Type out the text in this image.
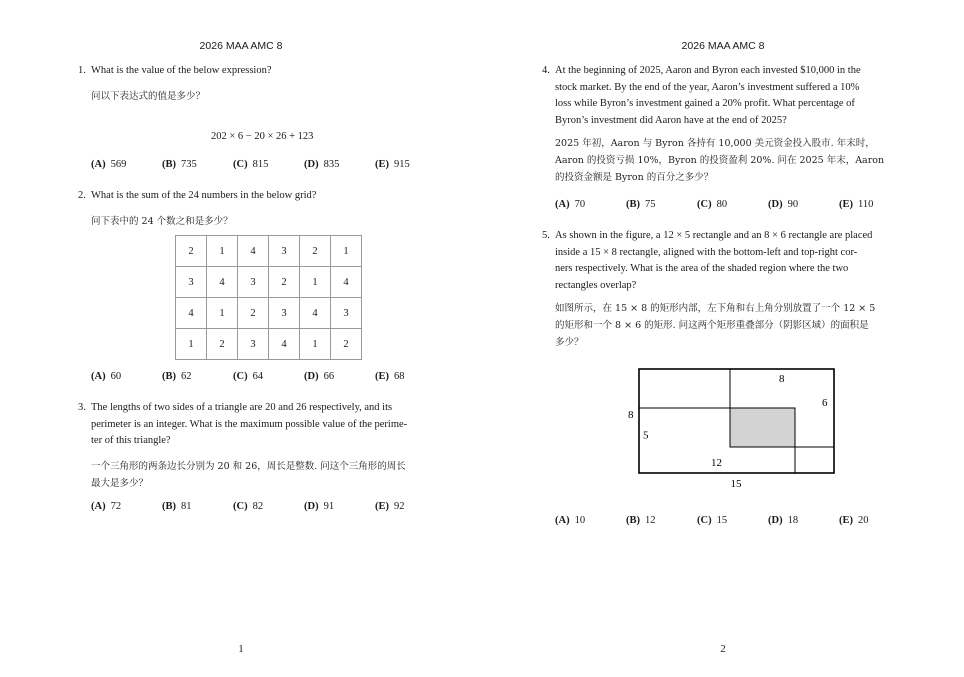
2026 MAA AMC 8
1. What is the value of the below expression?
问以下表达式的值是多少？
202 × 6 − 20 × 26 + 123
(A) 569	(B) 735	(C) 815	(D) 835	(E) 915
2. What is the sum of the 24 numbers in the below grid?
问下表中的 24 个数之和是多少？
2	1	4	3	2	1
3	4	3	2	1	4
4	1	2	3	4	3
1	2	3	4	1	2
(A) 60	(B) 62	(C) 64	(D) 66	(E) 68
3. The lengths of two sides of a triangle are 20 and 26 respectively, and its
perimeter is an integer. What is the maximum possible value of the perime-
ter of this triangle?
一个三角形的两条边长分别为 20 和 26，周长是整数. 问这个三角形的周长
最大是多少？
(A) 72	(B) 81	(C) 82	(D) 91	(E) 92
1
2026 MAA AMC 8
4. At the beginning of 2025, Aaron and Byron each invested $10,000 in the
stock market. By the end of the year, Aaron’s investment suffered a 10%
loss while Byron’s investment gained a 20% profit. What percentage of
Byron’s investment did Aaron have at the end of 2025?
2025 年初，Aaron 与 Byron 各持有 10,000 美元资金投入股市. 年末时，
Aaron 的投资亏损 10%，Byron 的投资盈利 20%. 问在 2025 年末，Aaron
的投资金额是 Byron 的百分之多少？
(A) 70	(B) 75	(C) 80	(D) 90	(E) 110
5. As shown in the figure, a 12 × 5 rectangle and an 8 × 6 rectangle are placed
inside a 15 × 8 rectangle, aligned with the bottom-left and top-right cor-
ners respectively. What is the area of the shaded region where the two
rectangles overlap?
如图所示，在 15 × 8 的矩形内部，左下角和右上角分别放置了一个 12 × 5
的矩形和一个 8 × 6 的矩形. 问这两个矩形重叠部分（阴影区域）的面积是
多少？
8
6
8
5
12
15
(A) 10	(B) 12	(C) 15	(D) 18	(E) 20
2
